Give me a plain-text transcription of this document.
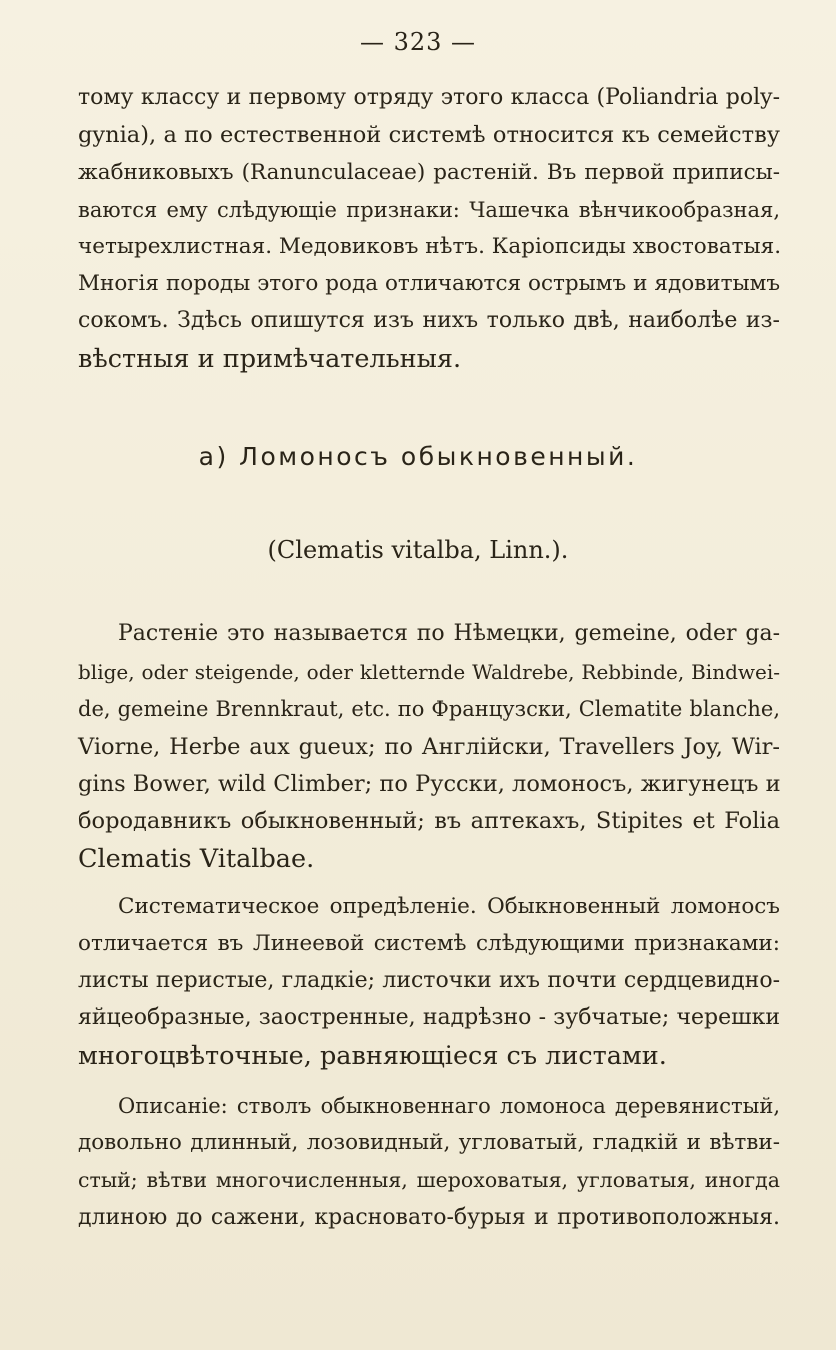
— 323 —
тому классу и первому отряду этого класса (Poliandria poly-
gynia), а по естественной системѣ относится къ семейству
жабниковыхъ (Ranunculaceae) растеній. Въ первой приписы-
ваются ему слѣдующіе признаки: Чашечка вѣнчикообразная,
четырехлистная. Медовиковъ нѣтъ. Каріопсиды хвостоватыя.
Многія породы этого рода отличаются острымъ и ядовитымъ
сокомъ. Здѣсь опишутся изъ нихъ только двѣ, наиболѣе из-
вѣстныя и примѣчательныя.
а) Ломоносъ обыкновенный.
(Clematis vitalba, Linn.).
Растеніе это называется по Нѣмецки, gemeine, oder ga-
blige, oder steigende, oder kletternde Waldrebe, Rebbinde, Bindwei-
de, gemeine Brennkraut, etc. по Французски, Clematite blanche,
Viorne, Herbe aux gueux; по Англійски, Travellers Joy, Wir-
gins Bower, wild Climber; по Русски, ломоносъ, жигунецъ и
бородавникъ обыкновенный; въ аптекахъ, Stipites et Folia
Clematis Vitalbae.
Систематическое опредѣленіе. Обыкновенный ломоносъ
отличается въ Линеевой системѣ слѣдующими признаками:
листы перистые, гладкіе; листочки ихъ почти сердцевидно-
яйцеобразные, заостренные, надрѣзно - зубчатые; черешки
многоцвѣточные, равняющіеся съ листами.
Описаніе: стволъ обыкновеннаго ломоноса деревянистый,
довольно длинный, лозовидный, угловатый, гладкій и вѣтви-
стый; вѣтви многочисленныя, шероховатыя, угловатыя, иногда
длиною до сажени, красновато-бурыя и противоположныя.
